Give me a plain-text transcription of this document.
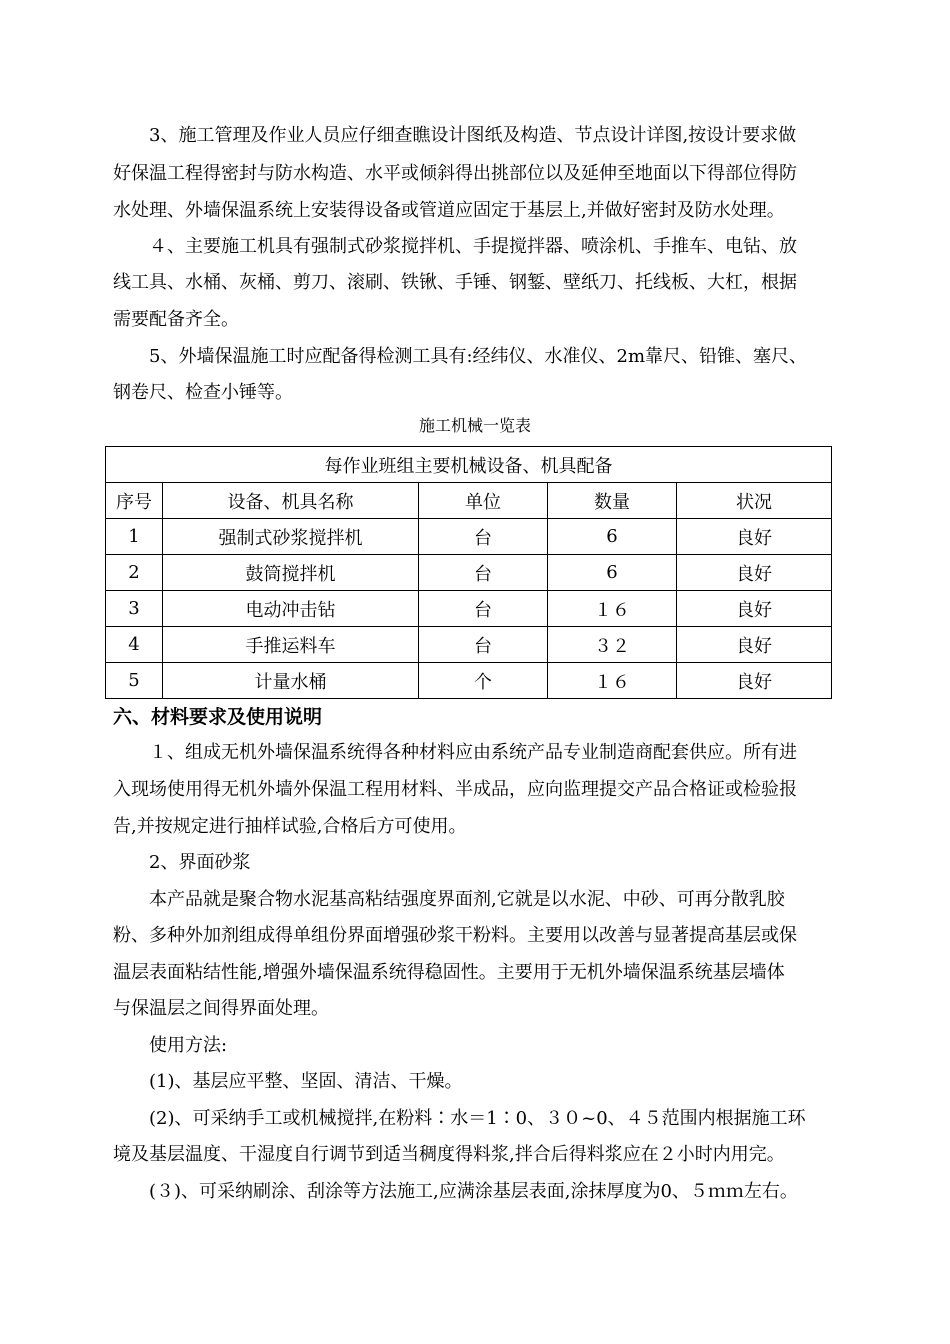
　　3、施工管理及作业人员应仔细查瞧设计图纸及构造、节点设计详图,按设计要求做
好保温工程得密封与防水构造、水平或倾斜得出挑部位以及延伸至地面以下得部位得防
水处理、外墙保温系统上安装得设备或管道应固定于基层上,并做好密封及防水处理。
　　４、主要施工机具有强制式砂浆搅拌机、手提搅拌器、喷涂机、手推车、电钻、放
线工具、水桶、灰桶、剪刀、滚刷、铁锹、手锤、钢錾、壁纸刀、托线板、大杠，根据
需要配备齐全。
　　5、外墙保温施工时应配备得检测工具有:经纬仪、水准仪、2m靠尺、铅锥、塞尺、
钢卷尺、检查小锤等。
施工机械一览表
每作业班组主要机械设备、机具配备				
序号	设备、机具名称	单位	数量	状况
1	强制式砂浆搅拌机	台	6	良好
2	鼓筒搅拌机	台	6	良好
3	电动冲击钻	台	１６	良好
4	手推运料车	台	３２	良好
5	计量水桶	个	１６	良好
六、材料要求及使用说明
　　１、组成无机外墙保温系统得各种材料应由系统产品专业制造商配套供应。所有进
入现场使用得无机外墙外保温工程用材料、半成品，应向监理提交产品合格证或检验报
告,并按规定进行抽样试验,合格后方可使用。
　　2、界面砂浆
　　本产品就是聚合物水泥基高粘结强度界面剂,它就是以水泥、中砂、可再分散乳胶
粉、多种外加剂组成得单组份界面增强砂浆干粉料。主要用以改善与显著提高基层或保
温层表面粘结性能,增强外墙保温系统得稳固性。主要用于无机外墙保温系统基层墙体
与保温层之间得界面处理。
　　使用方法:
　　(1)、基层应平整、坚固、清洁、干燥。
　　(2)、可采纳手工或机械搅拌,在粉料∶水＝1∶0、３０~0、４５范围内根据施工环
境及基层温度、干湿度自行调节到适当稠度得料浆,拌合后得料浆应在２小时内用完。
　　(３)、可采纳刷涂、刮涂等方法施工,应满涂基层表面,涂抹厚度为0、５ｍｍ左右。
